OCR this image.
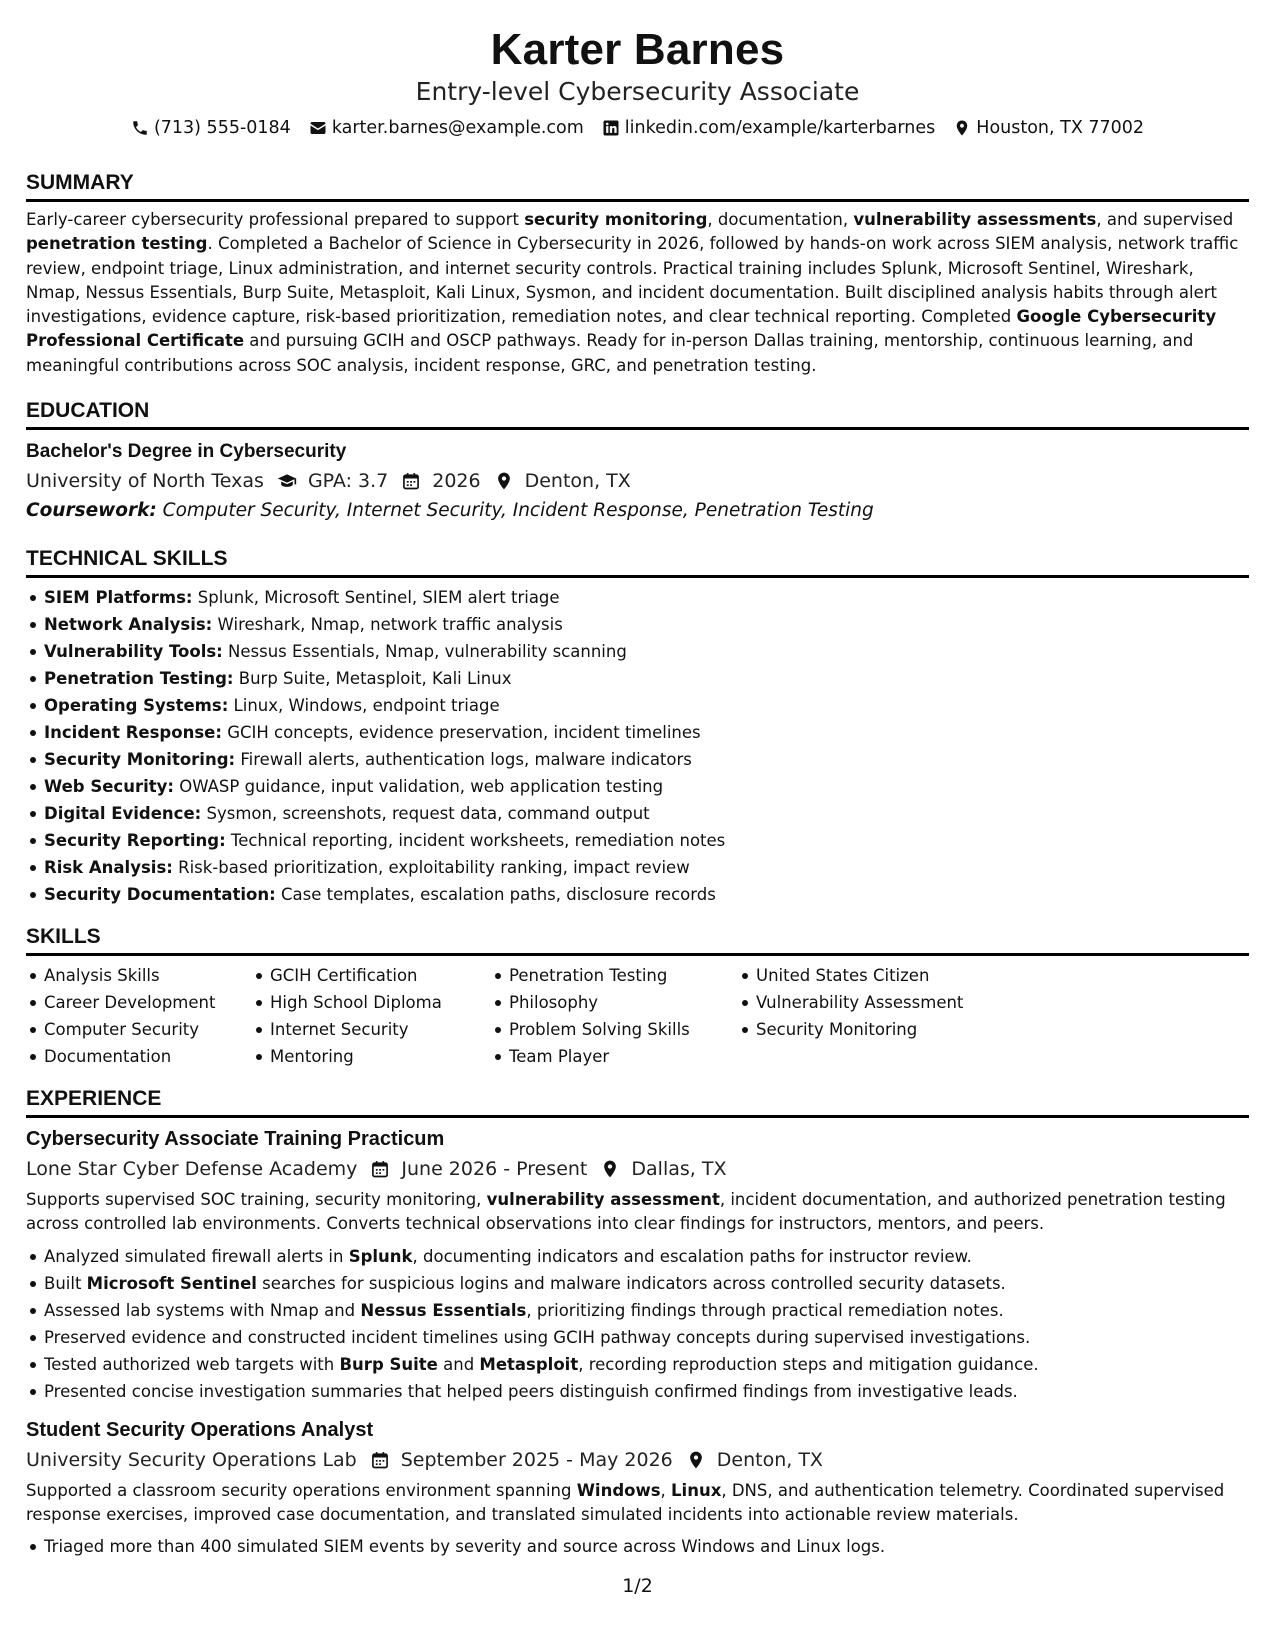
Karter Barnes

Entry-level Cybersecurity Associate

(713) 555-0184 karter.barnes@example.com linkedin.com/example/karterbarnes Houston, TX 77002
SUMMARY

Early-career cybersecurity professional prepared to support security monitoring, documentation, vulnerability assessments, and supervised penetration testing. Completed a Bachelor of Science in Cybersecurity in 2026, followed by hands-on work across SIEM analysis, network traffic review, endpoint triage, Linux administration, and internet security controls. Practical training includes Splunk, Microsoft Sentinel, Wireshark, Nmap, Nessus Essentials, Burp Suite, Metasploit, Kali Linux, Sysmon, and incident documentation. Built disciplined analysis habits through alert investigations, evidence capture, risk-based prioritization, remediation notes, and clear technical reporting. Completed Google Cybersecurity Professional Certificate and pursuing GCIH and OSCP pathways. Ready for in-person Dallas training, mentorship, continuous learning, and meaningful contributions across SOC analysis, incident response, GRC, and penetration testing.

EDUCATION
Bachelor's Degree in Cybersecurity
University of North Texas GPA: 3.7 2026 Denton, TX
Coursework: Computer Security, Internet Security, Incident Response, Penetration Testing
TECHNICAL SKILLS
SIEM Platforms: Splunk, Microsoft Sentinel, SIEM alert triage
Network Analysis: Wireshark, Nmap, network traffic analysis
Vulnerability Tools: Nessus Essentials, Nmap, vulnerability scanning
Penetration Testing: Burp Suite, Metasploit, Kali Linux
Operating Systems: Linux, Windows, endpoint triage
Incident Response: GCIH concepts, evidence preservation, incident timelines
Security Monitoring: Firewall alerts, authentication logs, malware indicators
Web Security: OWASP guidance, input validation, web application testing
Digital Evidence: Sysmon, screenshots, request data, command output
Security Reporting: Technical reporting, incident worksheets, remediation notes
Risk Analysis: Risk-based prioritization, exploitability ranking, impact review
Security Documentation: Case templates, escalation paths, disclosure records
SKILLS
Analysis Skills
Career Development
Computer Security
Documentation
GCIH Certification
High School Diploma
Internet Security
Mentoring
Penetration Testing
Philosophy
Problem Solving Skills
Team Player
United States Citizen
Vulnerability Assessment
Security Monitoring
EXPERIENCE
Cybersecurity Associate Training Practicum
Lone Star Cyber Defense Academy June 2026 - Present Dallas, TX

Supports supervised SOC training, security monitoring, vulnerability assessment, incident documentation, and authorized penetration testing across controlled lab environments. Converts technical observations into clear findings for instructors, mentors, and peers.

Analyzed simulated firewall alerts in Splunk, documenting indicators and escalation paths for instructor review.
Built Microsoft Sentinel searches for suspicious logins and malware indicators across controlled security datasets.
Assessed lab systems with Nmap and Nessus Essentials, prioritizing findings through practical remediation notes.
Preserved evidence and constructed incident timelines using GCIH pathway concepts during supervised investigations.
Tested authorized web targets with Burp Suite and Metasploit, recording reproduction steps and mitigation guidance.
Presented concise investigation summaries that helped peers distinguish confirmed findings from investigative leads.
Student Security Operations Analyst
University Security Operations Lab September 2025 - May 2026 Denton, TX

Supported a classroom security operations environment spanning Windows, Linux, DNS, and authentication telemetry. Coordinated supervised response exercises, improved case documentation, and translated simulated incidents into actionable review materials.

Triaged more than 400 simulated SIEM events by severity and source across Windows and Linux logs.
1/2
